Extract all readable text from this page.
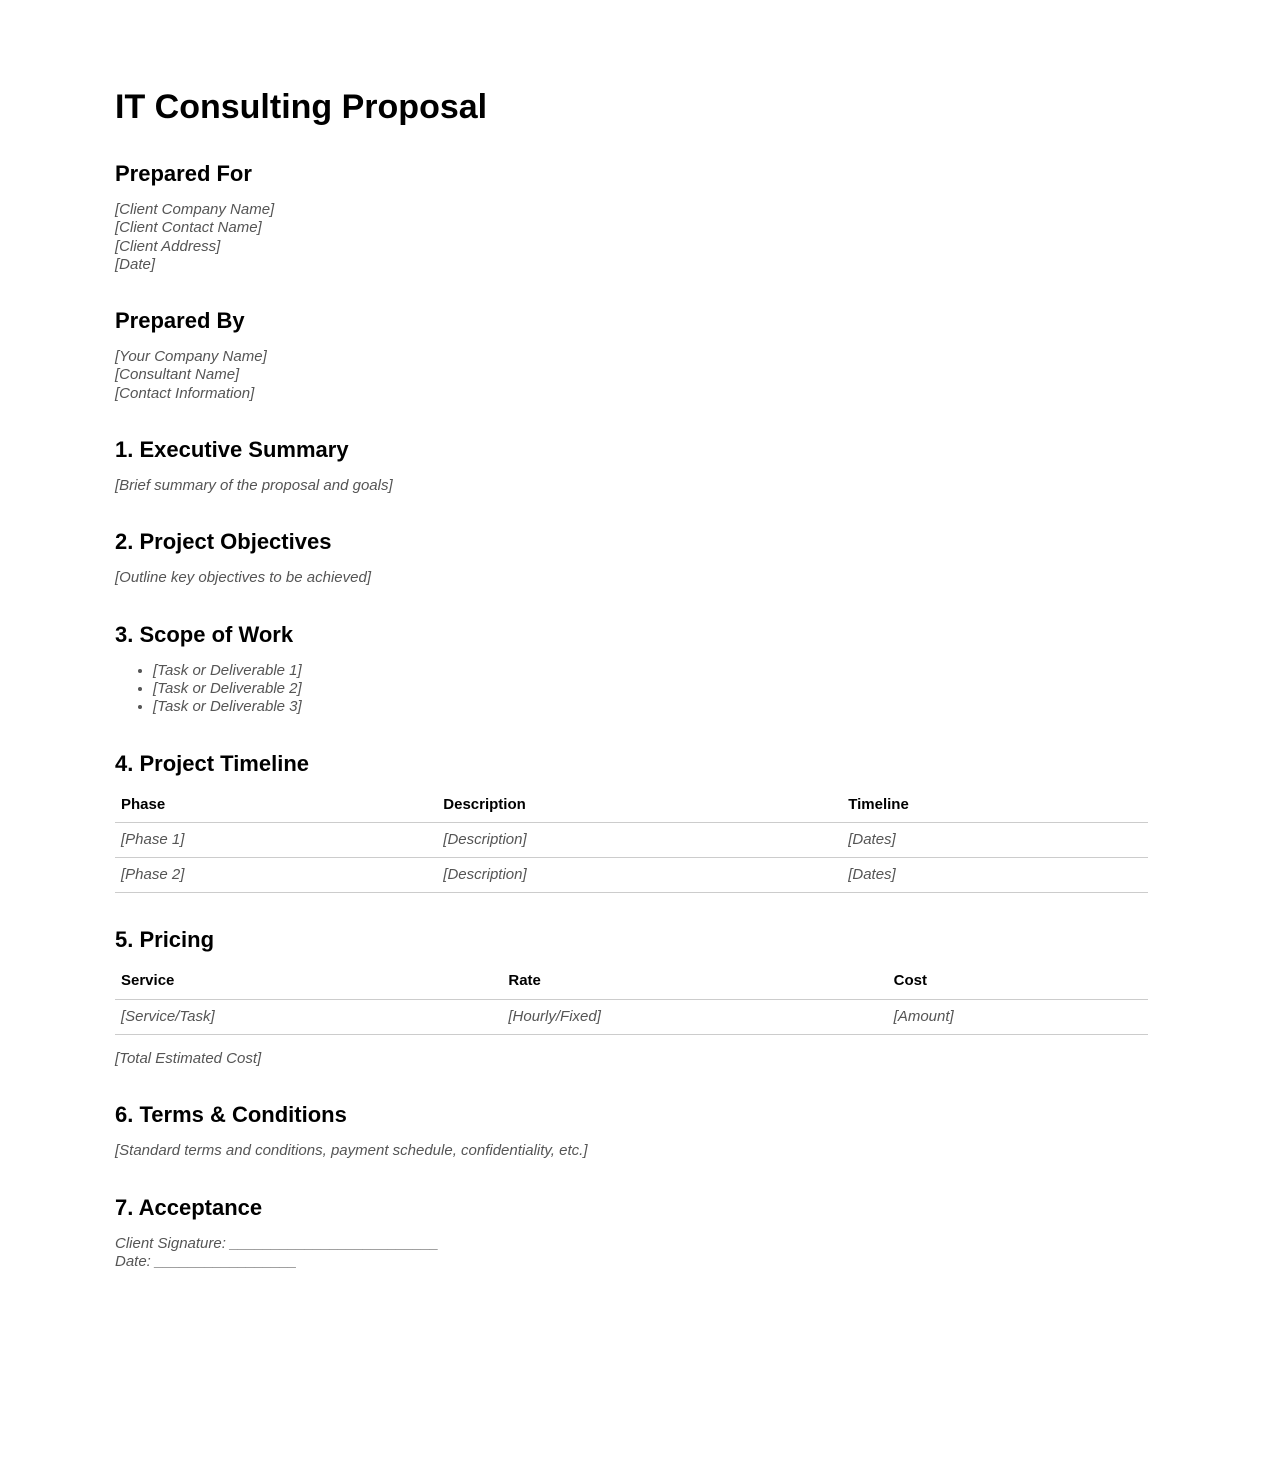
IT Consulting Proposal
Prepared For
[Client Company Name]
[Client Contact Name]
[Client Address]
[Date]
Prepared By
[Your Company Name]
[Consultant Name]
[Contact Information]
1. Executive Summary
[Brief summary of the proposal and goals]
2. Project Objectives
[Outline key objectives to be achieved]
3. Scope of Work
• [Task or Deliverable 1]
• [Task or Deliverable 2]
• [Task or Deliverable 3]
4. Project Timeline
Phase	Description	Timeline
[Phase 1]	[Description]	[Dates]
[Phase 2]	[Description]	[Dates]
5. Pricing
Service	Rate	Cost
[Service/Task]	[Hourly/Fixed]	[Amount]
[Total Estimated Cost]
6. Terms & Conditions
[Standard terms and conditions, payment schedule, confidentiality, etc.]
7. Acceptance
Client Signature: _________________________
Date: _________________
